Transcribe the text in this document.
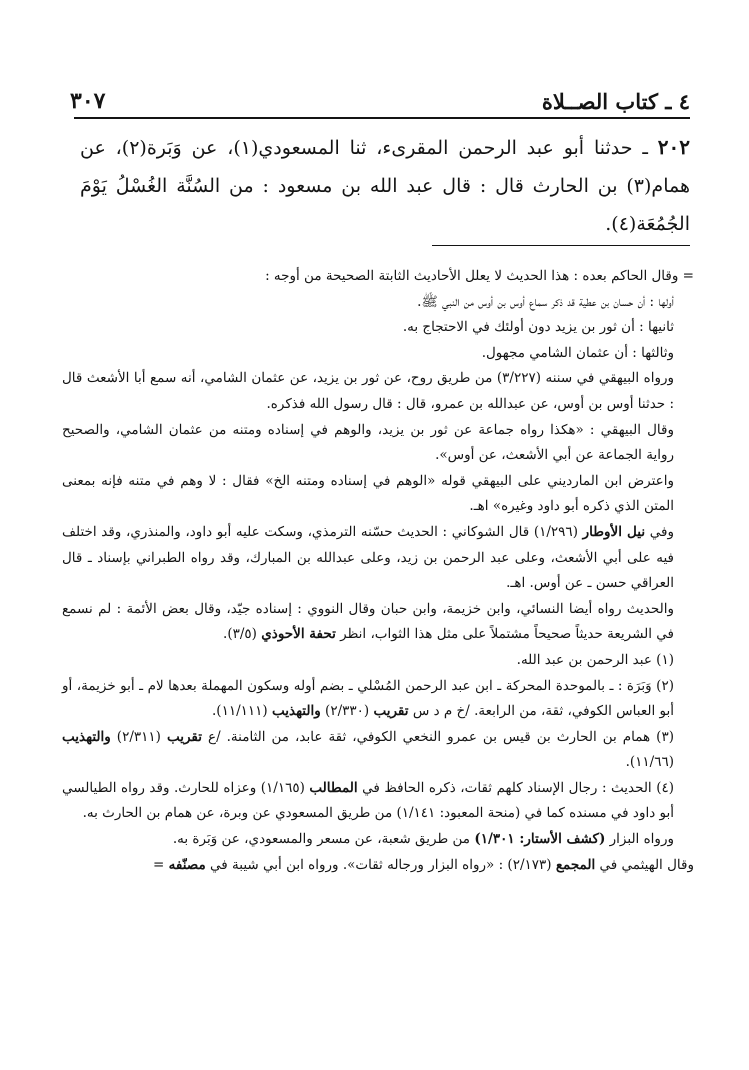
٤ ـ كتاب الصــلاة
٣٠٧
٢٠٢ ـ حدثنا أبو عبد الرحمن المقرىء، ثنا المسعودي(١)، عن وَبَرة(٢)، عن همام(٣) بن الحارث قال : قال عبد الله بن مسعود : من السُنَّة الغُسْلُ يَوْمَ الجُمُعَة(٤).

= وقال الحاكم بعده : هذا الحديث لا يعلل الأحاديث الثابتة الصحيحة من أوجه :

أولها : أن حسان بن عطية قد ذكر سماع أوس بن أوس من النبي ﷺ.

ثانيها : أن ثور بن يزيد دون أولئك في الاحتجاج به.

وثالثها : أن عثمان الشامي مجهول.

ورواه البيهقي في سننه (٣/٢٢٧) من طريق روح، عن ثور بن يزيد، عن عثمان الشامي، أنه سمع أبا الأشعث قال : حدثنا أوس بن أوس، عن عبدالله بن عمرو، قال : قال رسول الله فذكره.

وقال البيهقي : «هكذا رواه جماعة عن ثور بن يزيد، والوهم في إسناده ومتنه من عثمان الشامي، والصحيح رواية الجماعة عن أبي الأشعث، عن أوس».

واعترض ابن المارديني على البيهقي قوله «الوهم في إسناده ومتنه الخ» فقال : لا وهم في متنه فإنه بمعنى المتن الذي ذكره أبو داود وغيره» اهـ.

وفي نيل الأوطار (١/٢٩٦) قال الشوكاني : الحديث حسّنه الترمذي، وسكت عليه أبو داود، والمنذري، وقد اختلف فيه على أبي الأشعث، وعلى عبد الرحمن بن زيد، وعلى عبدالله بن المبارك، وقد رواه الطبراني بإسناد ـ قال العراقي حسن ـ عن أوس. اهـ.

والحديث رواه أيضا النسائي، وابن خزيمة، وابن حبان وقال النووي : إسناده جيّد، وقال بعض الأئمة : لم نسمع في الشريعة حديثاً صحيحاً مشتملاً على مثل هذا الثواب، انظر تحفة الأحوذي (٣/٥).

(١) عبد الرحمن بن عبد الله.

(٢) وَبَرَة : ـ بالموحدة المحركة ـ ابن عبد الرحمن المُسْلي ـ بضم أوله وسكون المهملة بعدها لام ـ أبو خزيمة، أو أبو العباس الكوفي، ثقة، من الرابعة. /خ م د س تقريب (٢/٣٣٠) والتهذيب (١١/١١١).

(٣) همام بن الحارث بن قيس بن عمرو النخعي الكوفي، ثقة عابد، من الثامنة. /ع تقريب (٢/٣١١) والتهذيب (١١/٦٦).

(٤) الحديث : رجال الإسناد كلهم ثقات، ذكره الحافظ في المطالب (١/١٦٥) وعزاه للحارث. وقد رواه الطيالسي أبو داود في مسنده كما في (منحة المعبود: ١/١٤١) من طريق المسعودي عن وبرة، عن همام بن الحارث به.

ورواه البزار (كشف الأستار: ١/٣٠١) من طريق شعبة، عن مسعر والمسعودي، عن وَبَرة به.

وقال الهيثمي في المجمع (٢/١٧٣) : «رواه البزار ورجاله ثقات». ورواه ابن أبي شيبة في مصنّفه =
